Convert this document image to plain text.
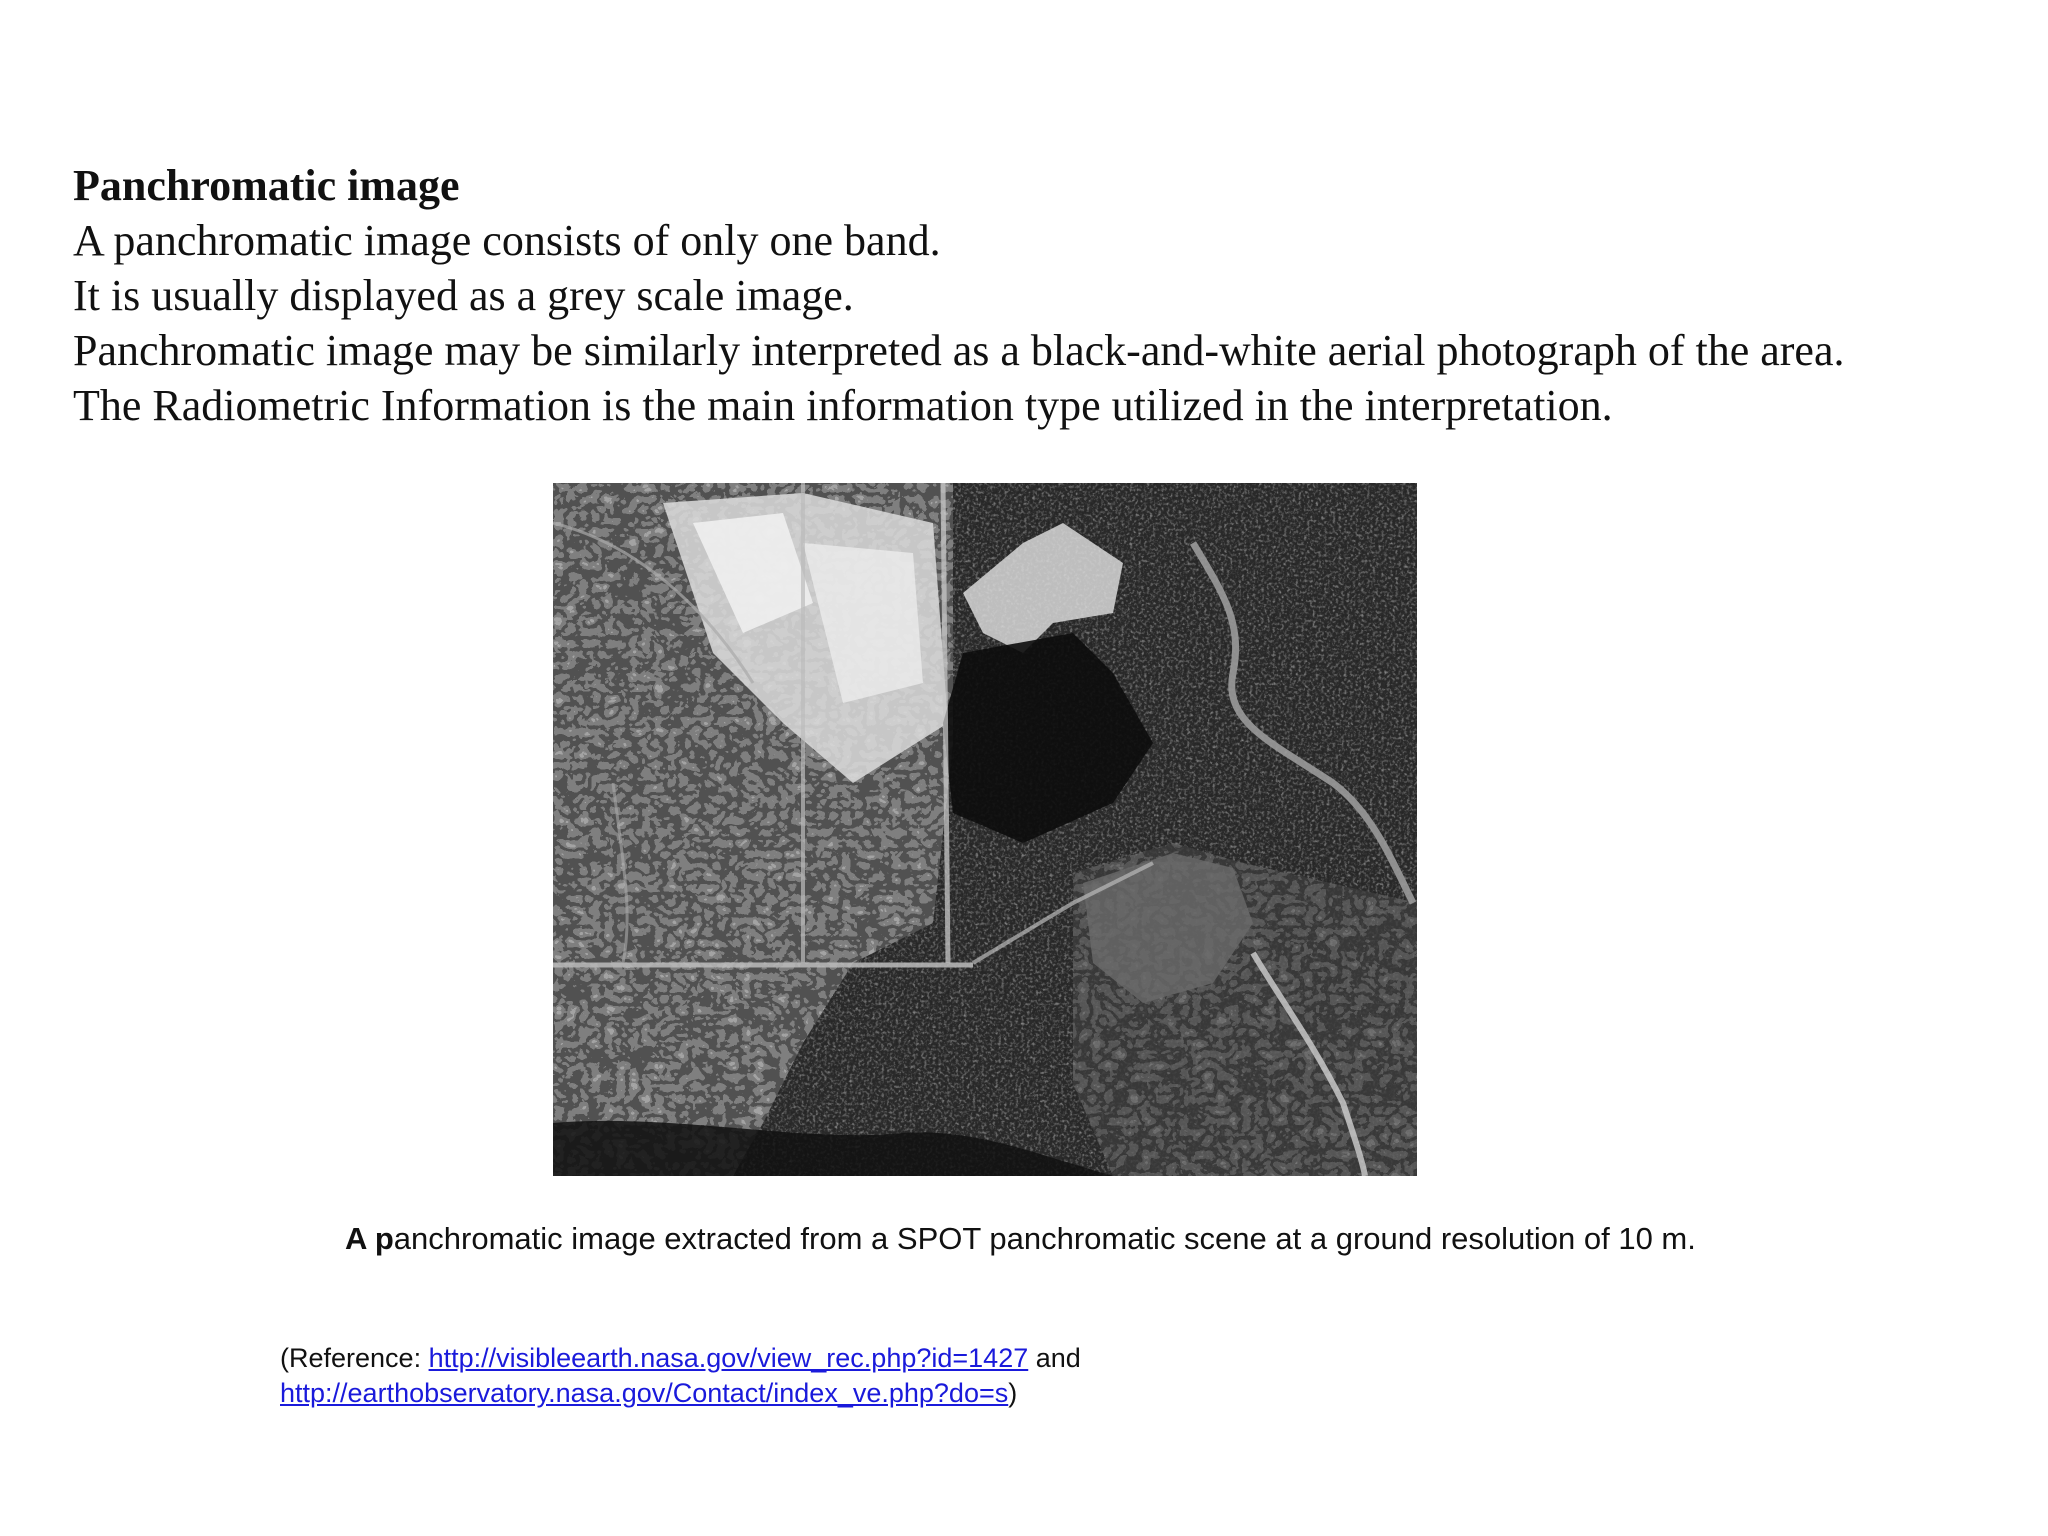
Panchromatic image
A panchromatic image consists of only one band.
It is usually displayed as a grey scale image.
Panchromatic image may be similarly interpreted as a black-and-white aerial photograph of the area.
The Radiometric Information is the main information type utilized in the interpretation.
A panchromatic image extracted from a SPOT panchromatic scene at a ground resolution of 10 m.
(Reference: http://visibleearth.nasa.gov/view_rec.php?id=1427 and
http://earthobservatory.nasa.gov/Contact/index_ve.php?do=s)
